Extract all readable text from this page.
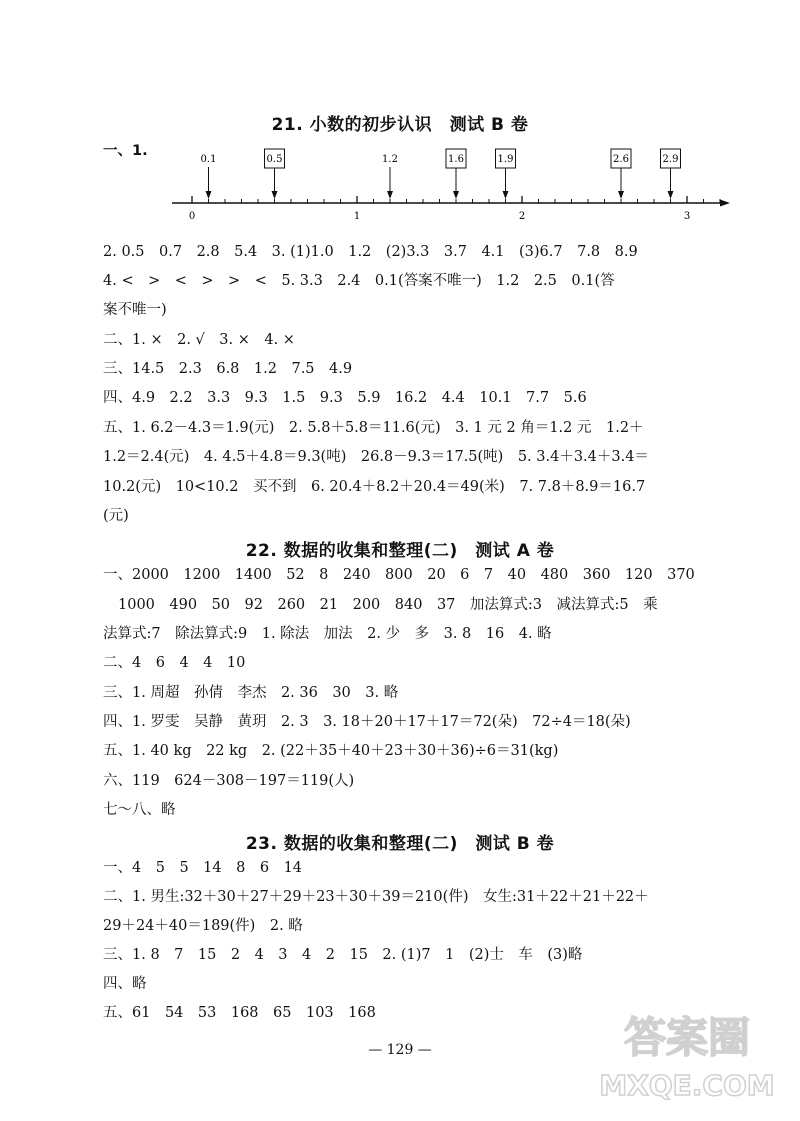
21. 小数的初步认识　测试 B 卷
一、1.
0	1	2	3
0.1	1.2
0.5	1.6	1.9	2.6	2.9
2. 0.5　0.7　2.8　5.4　3. (1)1.0　1.2　(2)3.3　3.7　4.1　(3)6.7　7.8　8.9
4. <　>　<　>　>　<　5. 3.3　2.4　0.1(答案不唯一)　1.2　2.5　0.1(答
案不唯一)
二、1. ×　2. √　3. ×　4. ×
三、14.5　2.3　6.8　1.2　7.5　4.9
四、4.9　2.2　3.3　9.3　1.5　9.3　5.9　16.2　4.4　10.1　7.7　5.6
五、1. 6.2－4.3＝1.9(元)　2. 5.8＋5.8＝11.6(元)　3. 1 元 2 角＝1.2 元　1.2＋
1.2＝2.4(元)　4. 4.5＋4.8＝9.3(吨)　26.8－9.3＝17.5(吨)　5. 3.4＋3.4＋3.4＝
10.2(元)　10<10.2　买不到　6. 20.4＋8.2＋20.4＝49(米)　7. 7.8＋8.9＝16.7
(元)
22. 数据的收集和整理(二)　测试 A 卷
一、2000　1200　1400　52　8　240　800　20　6　7　40　480　360　120　370
1000　490　50　92　260　21　200　840　37　加法算式:3　减法算式:5　乘
法算式:7　除法算式:9　1. 除法　加法　2. 少　多　3. 8　16　4. 略
二、4　6　4　4　10
三、1. 周超　孙倩　李杰　2. 36　30　3. 略
四、1. 罗雯　吴静　黄玥　2. 3　3. 18＋20＋17＋17＝72(朵)　72÷4＝18(朵)
五、1. 40 kg　22 kg　2. (22＋35＋40＋23＋30＋36)÷6＝31(kg)
六、119　624－308－197＝119(人)
七～八、略
23. 数据的收集和整理(二)　测试 B 卷
一、4　5　5　14　8　6　14
二、1. 男生:32＋30＋27＋29＋23＋30＋39＝210(件)　女生:31＋22＋21＋22＋
29＋24＋40＝189(件)　2. 略
三、1. 8　7　15　2　4　3　4　2　15　2. (1)7　1　(2)士　车　(3)略
四、略
五、61　54　53　168　65　103　168
— 129 —	答案圈
MXQE.COM
